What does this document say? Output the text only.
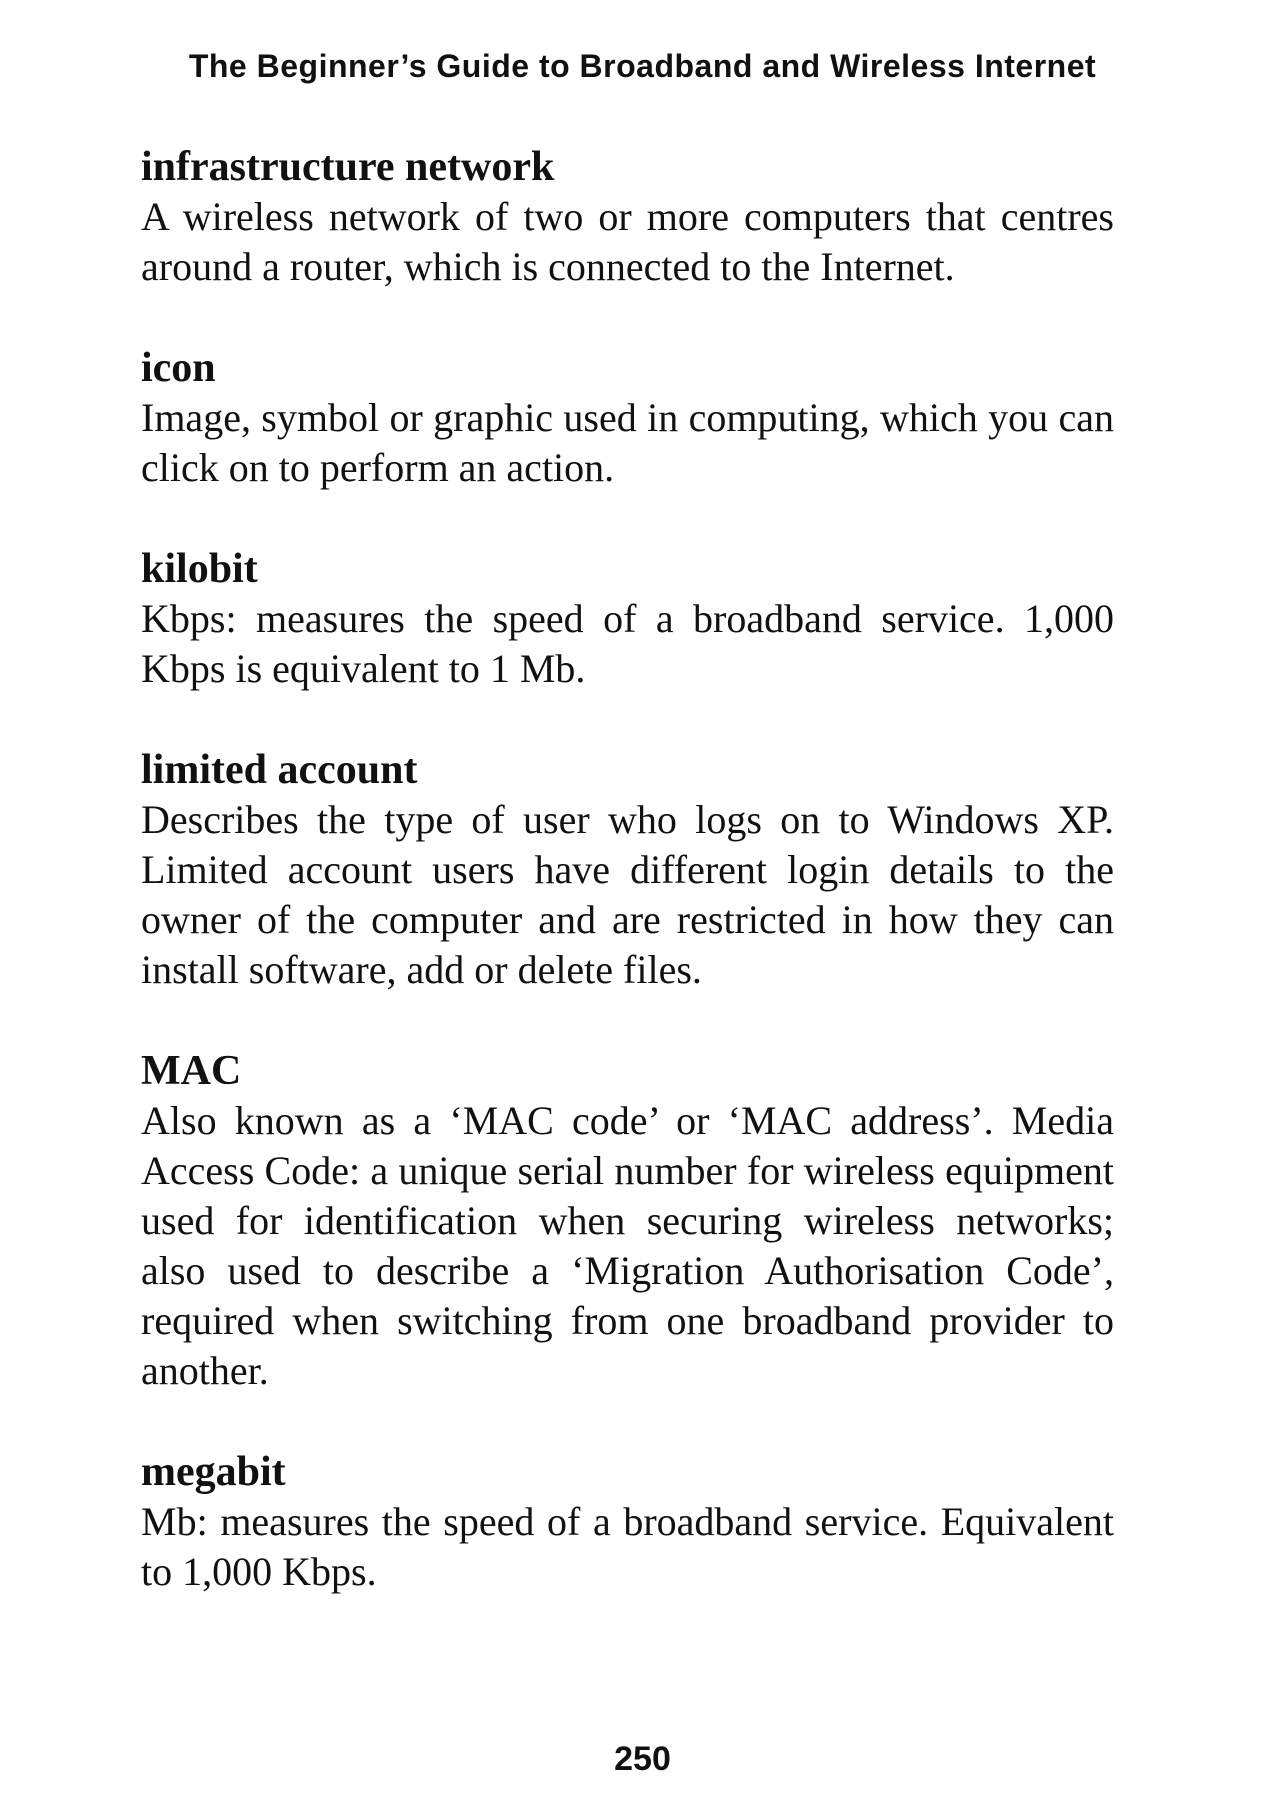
The Beginner’s Guide to Broadband and Wireless Internet

infrastructure network

A wireless network of two or more computers that centres around a router, which is connected to the Internet.

icon

Image, symbol or graphic used in computing, which you can click on to perform an action.

kilobit

Kbps: measures the speed of a broadband service. 1,000 Kbps is equivalent to 1 Mb.

limited account

Describes the type of user who logs on to Windows XP. Limited account users have different login details to the owner of the computer and are restricted in how they can install software, add or delete files.

MAC

Also known as a ‘MAC code’ or ‘MAC address’. Media Access Code: a unique serial number for wireless equipment used for identification when securing wireless networks; also used to describe a ‘Migration Authorisation Code’, required when switching from one broadband provider to another.

megabit

Mb: measures the speed of a broadband service. Equivalent to 1,000 Kbps.

250
